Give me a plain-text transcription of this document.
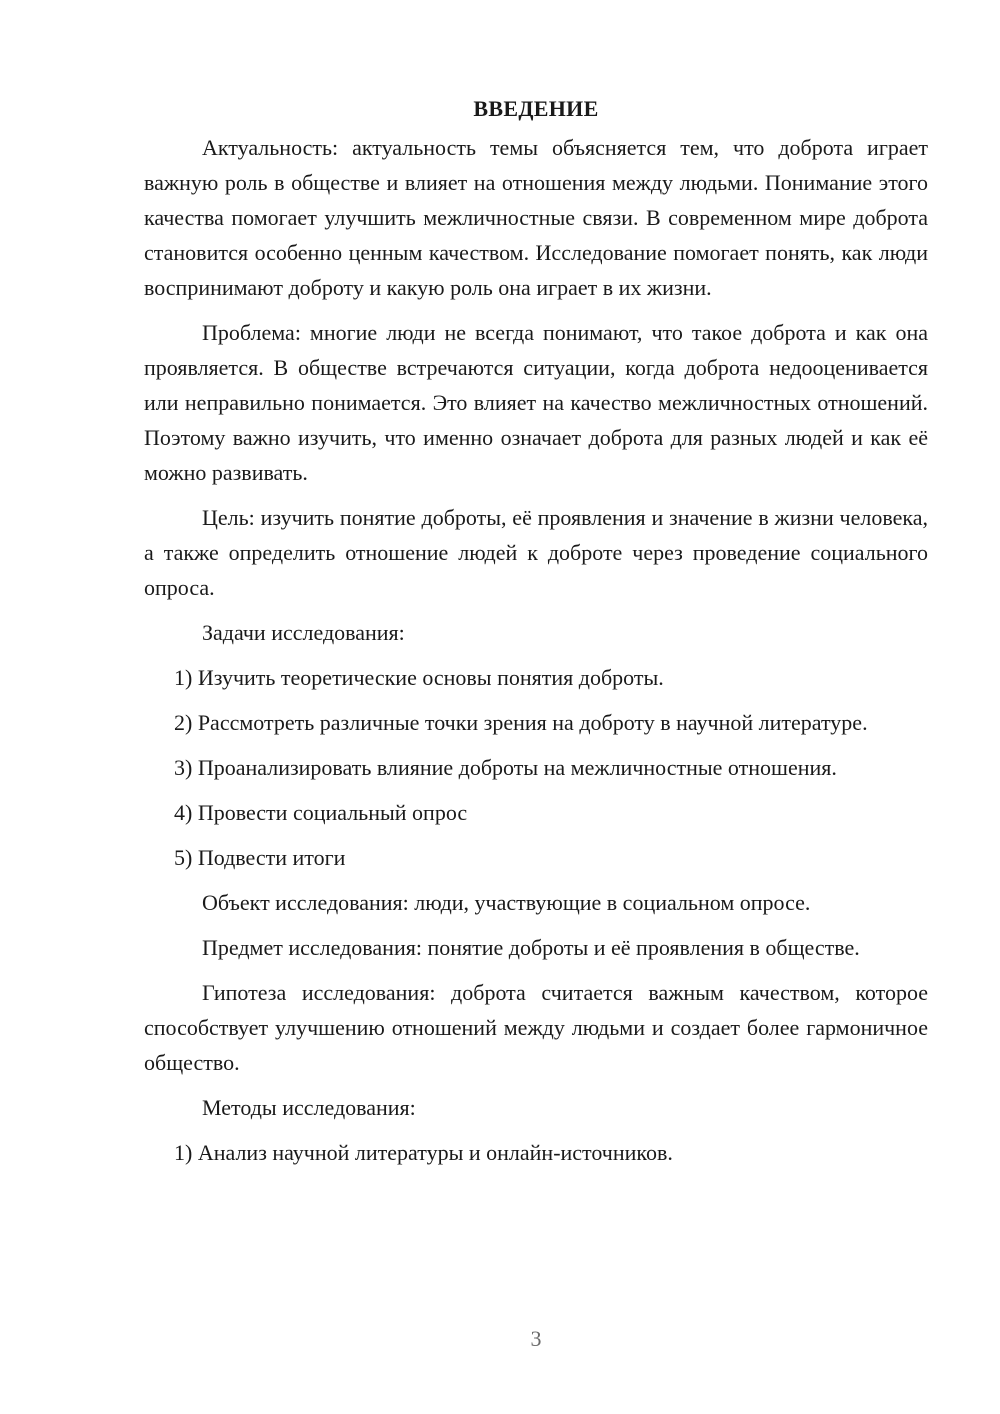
ВВЕДЕНИЕ

Актуальность: актуальность темы объясняется тем, что доброта играет важную роль в обществе и влияет на отношения между людьми. Понимание этого качества помогает улучшить межличностные связи. В современном мире доброта становится особенно ценным качеством. Исследование помогает понять, как люди воспринимают доброту и какую роль она играет в их жизни.

Проблема: многие люди не всегда понимают, что такое доброта и как она проявляется. В обществе встречаются ситуации, когда доброта недооценивается или неправильно понимается. Это влияет на качество межличностных отношений. Поэтому важно изучить, что именно означает доброта для разных людей и как её можно развивать.

Цель: изучить понятие доброты, её проявления и значение в жизни человека, а также определить отношение людей к доброте через проведение социального опроса.

Задачи исследования:

1) Изучить теоретические основы понятия доброты.

2) Рассмотреть различные точки зрения на доброту в научной литературе.

3) Проанализировать влияние доброты на межличностные отношения.

4) Провести социальный опрос

5) Подвести итоги

Объект исследования: люди, участвующие в социальном опросе.

Предмет исследования: понятие доброты и её проявления в обществе.

Гипотеза исследования: доброта считается важным качеством, которое способствует улучшению отношений между людьми и создает более гармоничное общество.

Методы исследования:

1) Анализ научной литературы и онлайн-источников.

3
